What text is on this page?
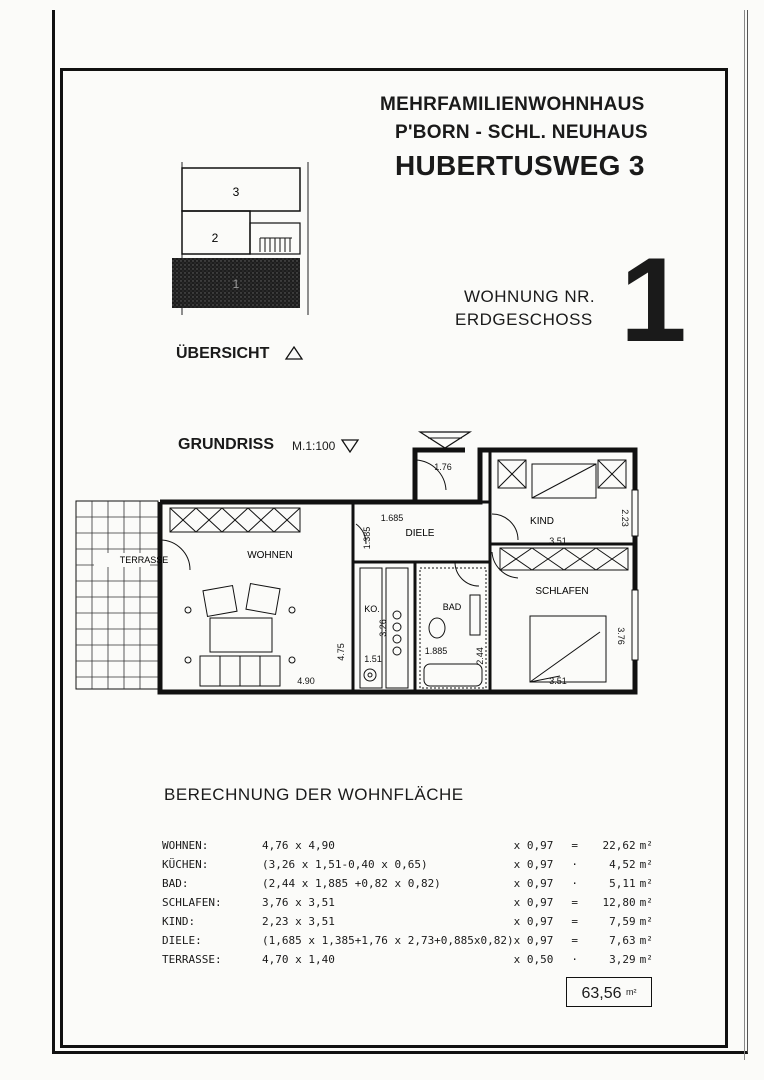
MEHRFAMILIENWOHNHAUS
P'BORN - SCHL. NEUHAUS
HUBERTUSWEG 3
WOHNUNG NR.
ERDGESCHOSS 1
3
2
1
ÜBERSICHT
GRUNDRISS M.1:100
TERRASSE	WOHNEN
DIELE
KIND
SCHLAFEN
KO.	BAD
1.76
1.685
1.385	3.51
2.23
3.26
1.51
1.885	2.44
4.75
4.90	3.51
3.76
BERECHNUNG DER WOHNFLÄCHE
WOHNEN:	4,76 x 4,90	x 0,97	=	22,62	m²
KÜCHEN:	(3,26 x 1,51-0,40 x 0,65)	x 0,97	·	4,52	m²
BAD:	(2,44 x 1,885 +0,82 x 0,82)	x 0,97	·	5,11	m²
SCHLAFEN:	3,76 x 3,51	x 0,97	=	12,80	m²
KIND:	2,23 x 3,51	x 0,97	=	7,59	m²
DIELE:	(1,685 x 1,385+1,76 x 2,73+0,885x0,82)	x 0,97	=	7,63	m²
TERRASSE:	4,70 x 1,40	x 0,50	·	3,29	m²
63,56 $^{m^2}$
